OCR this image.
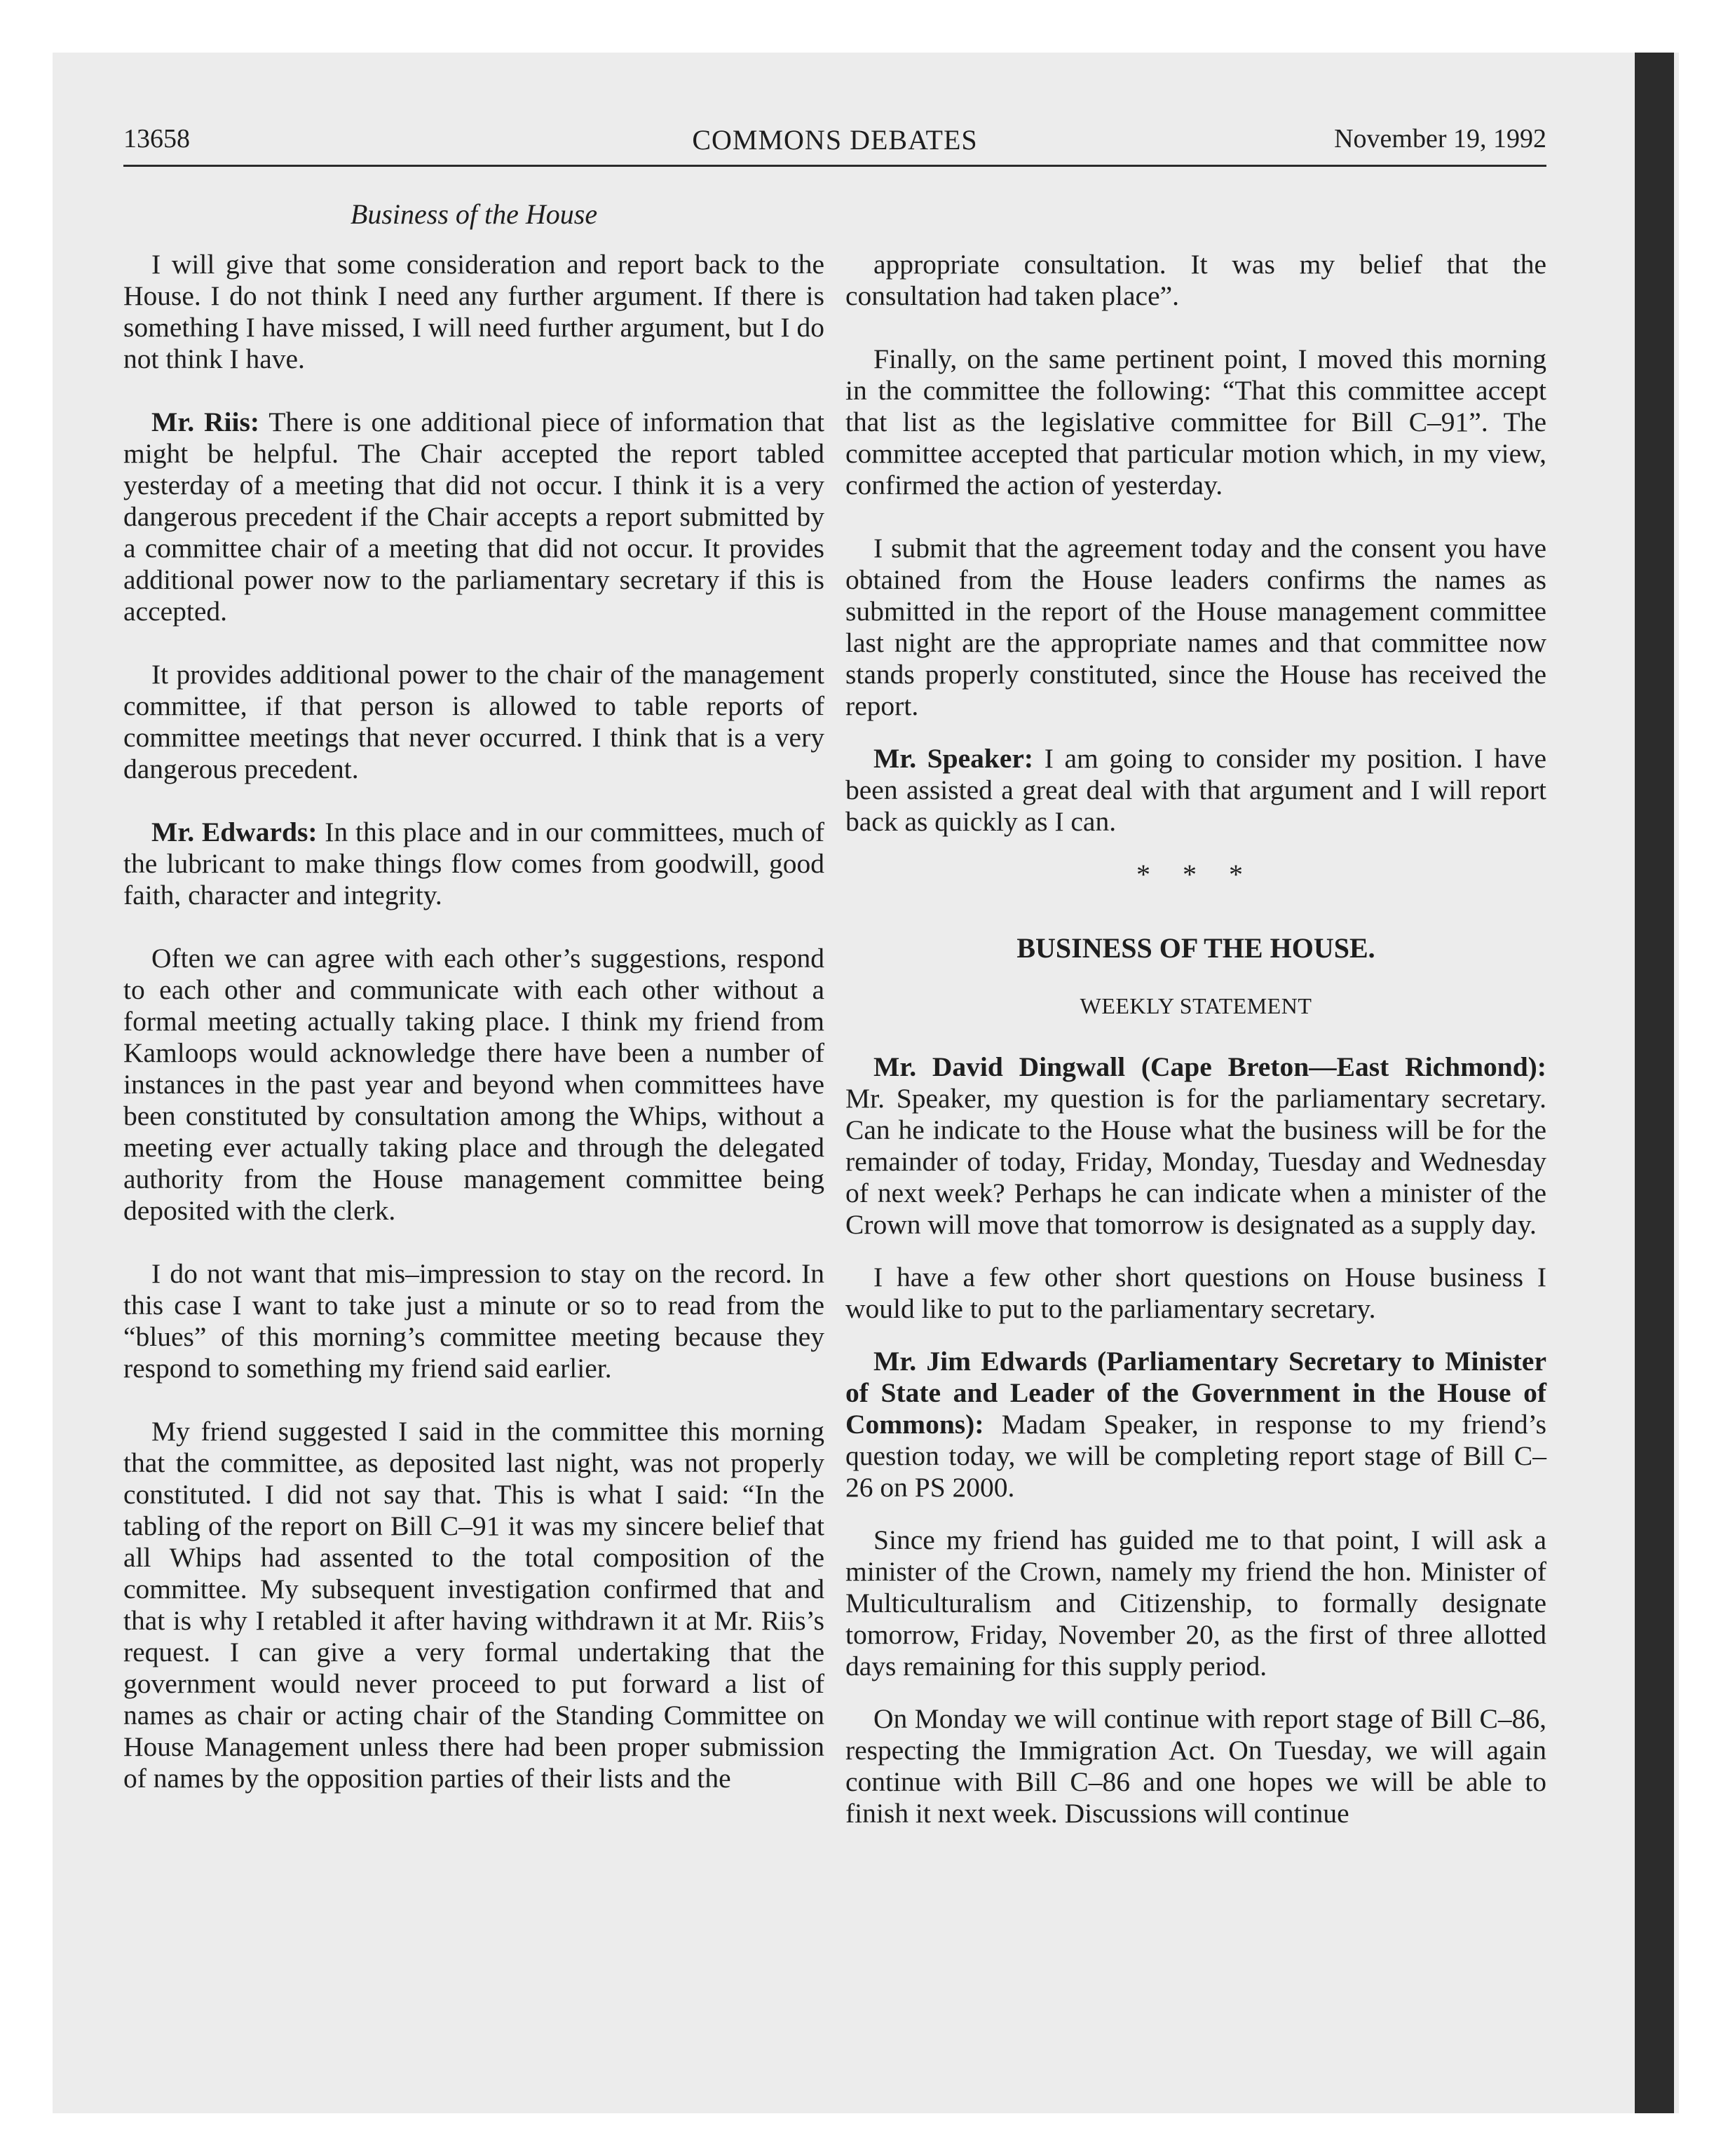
13658	COMMONS DEBATES	November 19, 1992
Business of the House

I will give that some consideration and report back to the House. I do not think I need any further argument. If there is something I have missed, I will need further argument, but I do not think I have.

Mr. Riis: There is one additional piece of information that might be helpful. The Chair accepted the report tabled yesterday of a meeting that did not occur. I think it is a very dangerous precedent if the Chair accepts a report submitted by a committee chair of a meeting that did not occur. It provides additional power now to the parliamentary secretary if this is accepted.

It provides additional power to the chair of the management committee, if that person is allowed to table reports of committee meetings that never occurred. I think that is a very dangerous precedent.

Mr. Edwards: In this place and in our committees, much of the lubricant to make things flow comes from goodwill, good faith, character and integrity.

Often we can agree with each other’s suggestions, respond to each other and communicate with each other without a formal meeting actually taking place. I think my friend from Kamloops would acknowledge there have been a number of instances in the past year and beyond when committees have been constituted by consultation among the Whips, without a meeting ever actually taking place and through the delegated authority from the House management committee being deposited with the clerk.

I do not want that mis–impression to stay on the record. In this case I want to take just a minute or so to read from the “blues” of this morning’s committee meeting because they respond to something my friend said earlier.

My friend suggested I said in the committee this morning that the committee, as deposited last night, was not properly constituted. I did not say that. This is what I said: “In the tabling of the report on Bill C–91 it was my sincere belief that all Whips had assented to the total composition of the committee. My subsequent investigation confirmed that and that is why I retabled it after having withdrawn it at Mr. Riis’s request. I can give a very formal undertaking that the government would never proceed to put forward a list of names as chair or acting chair of the Standing Committee on House Management unless there had been proper submission of names by the opposition parties of their lists and the

appropriate consultation. It was my belief that the consultation had taken place”.

Finally, on the same pertinent point, I moved this morning in the committee the following: “That this committee accept that list as the legislative committee for Bill C–91”. The committee accepted that particular motion which, in my view, confirmed the action of yesterday.

I submit that the agreement today and the consent you have obtained from the House leaders confirms the names as submitted in the report of the House management committee last night are the appropriate names and that committee now stands properly constituted, since the House has received the report.

Mr. Speaker: I am going to consider my position. I have been assisted a great deal with that argument and I will report back as quickly as I can.

* * *
BUSINESS OF THE HOUSE.
WEEKLY STATEMENT

Mr. David Dingwall (Cape Breton—East Richmond): Mr. Speaker, my question is for the parliamentary secretary. Can he indicate to the House what the business will be for the remainder of today, Friday, Monday, Tuesday and Wednesday of next week? Perhaps he can indicate when a minister of the Crown will move that tomorrow is designated as a supply day.

I have a few other short questions on House business I would like to put to the parliamentary secretary.

Mr. Jim Edwards (Parliamentary Secretary to Minister of State and Leader of the Government in the House of Commons): Madam Speaker, in response to my friend’s question today, we will be completing report stage of Bill C–26 on PS 2000.

Since my friend has guided me to that point, I will ask a minister of the Crown, namely my friend the hon. Minister of Multiculturalism and Citizenship, to formally designate tomorrow, Friday, November 20, as the first of three allotted days remaining for this supply period.

On Monday we will continue with report stage of Bill C–86, respecting the Immigration Act. On Tuesday, we will again continue with Bill C–86 and one hopes we will be able to finish it next week. Discussions will continue
